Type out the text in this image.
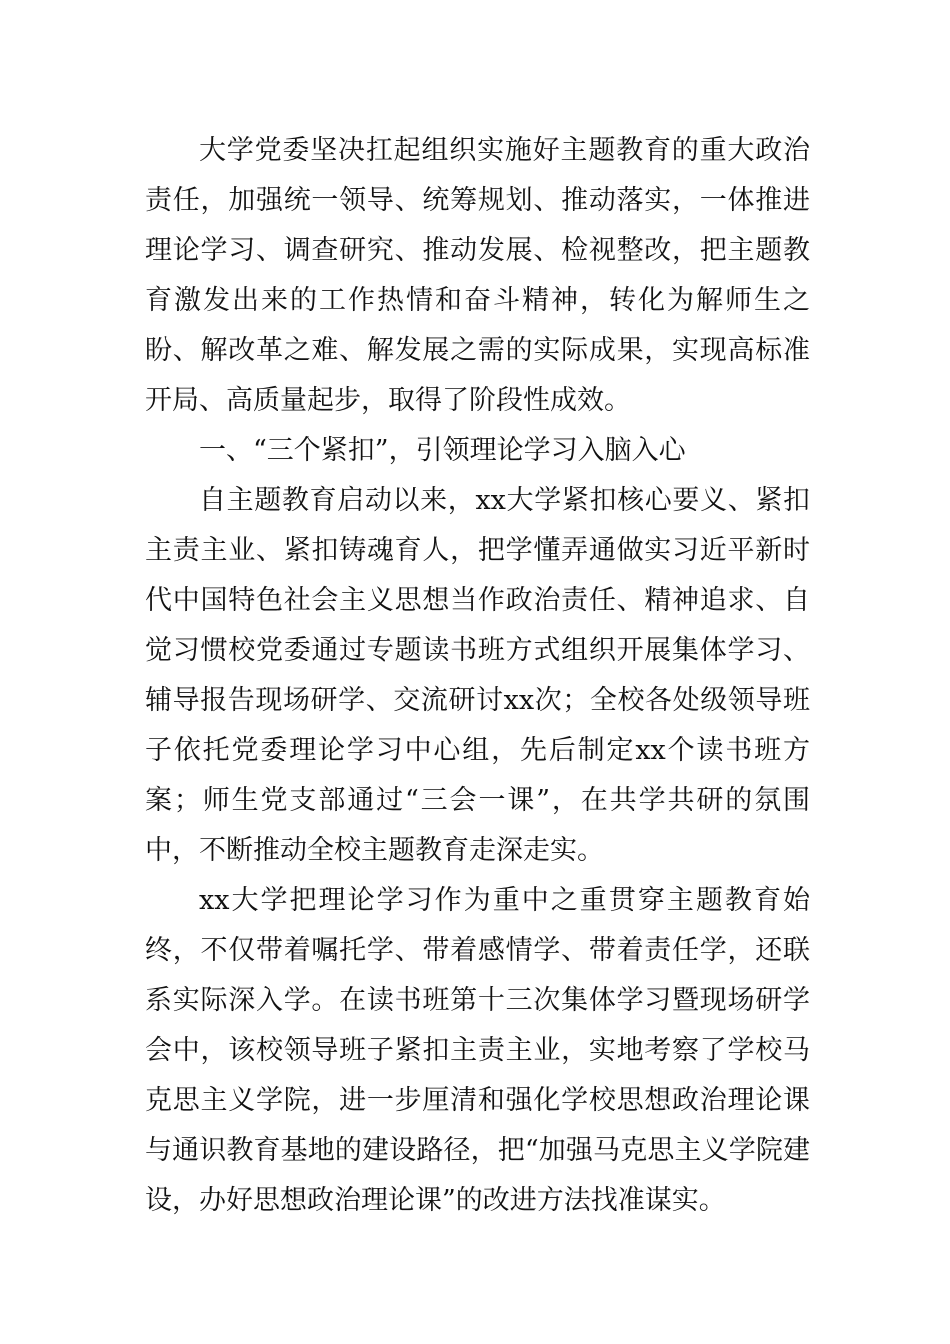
大学党委坚决扛起组织实施好主题教育的重大政治责任，加强统一领导、统筹规划、推动落实，一体推进理论学习、调查研究、推动发展、检视整改，把主题教育激发出来的工作热情和奋斗精神，转化为解师生之盼、解改革之难、解发展之需的实际成果，实现高标准开局、高质量起步，取得了阶段性成效。

一、“三个紧扣”，引领理论学习入脑入心

自主题教育启动以来，xx大学紧扣核心要义、紧扣主责主业、紧扣铸魂育人，把学懂弄通做实习近平新时代中国特色社会主义思想当作政治责任、精神追求、自觉习惯校党委通过专题读书班方式组织开展集体学习、辅导报告现场研学、交流研讨xx次；全校各处级领导班子依托党委理论学习中心组，先后制定xx个读书班方案；师生党支部通过“三会一课”，在共学共研的氛围中，不断推动全校主题教育走深走实。

xx大学把理论学习作为重中之重贯穿主题教育始终，不仅带着嘱托学、带着感情学、带着责任学，还联系实际深入学。在读书班第十三次集体学习暨现场研学会中，该校领导班子紧扣主责主业，实地考察了学校马克思主义学院，进一步厘清和强化学校思想政治理论课与通识教育基地的建设路径，把“加强马克思主义学院建设，办好思想政治理论课”的改进方法找准谋实。
